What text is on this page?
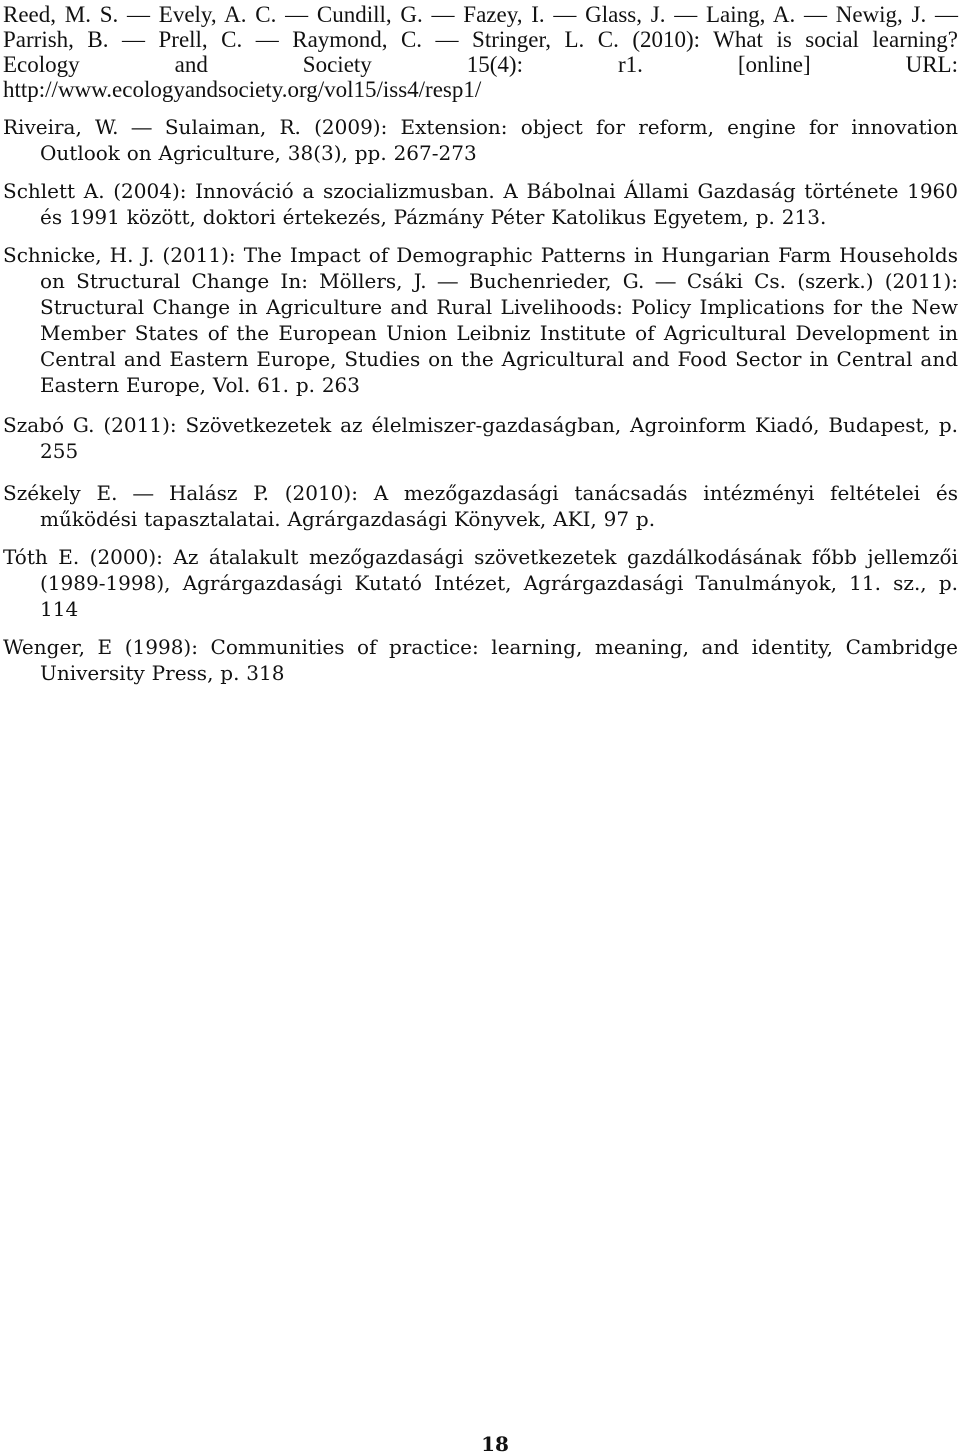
Reed, M. S. ― Evely, A. C. ― Cundill, G. ― Fazey, I. ― Glass, J. ― Laing, A. ― Newig, J. ―
Parrish, B. ― Prell, C. ― Raymond, C. ― Stringer, L. C. (2010): What is social learning?
Ecology and Society 15(4): r1. [online] URL:
http://www.ecologyandsociety.org/vol15/iss4/resp1/

Riveira, W. ― Sulaiman, R. (2009): Extension: object for reform, engine for innovation Outlook on Agriculture, 38(3), pp. 267-273

Schlett A. (2004): Innováció a szocializmusban. A Bábolnai Állami Gazdaság története 1960 és 1991 között, doktori értekezés, Pázmány Péter Katolikus Egyetem, p. 213.

Schnicke, H. J. (2011): The Impact of Demographic Patterns in Hungarian Farm Households on Structural Change In: Möllers, J. ― Buchenrieder, G. ― Csáki Cs. (szerk.) (2011): Structural Change in Agriculture and Rural Livelihoods: Policy Implications for the New Member States of the European Union Leibniz Institute of Agricultural Development in Central and Eastern Europe, Studies on the Agricultural and Food Sector in Central and Eastern Europe, Vol. 61. p. 263

Szabó G. (2011): Szövetkezetek az élelmiszer-gazdaságban, Agroinform Kiadó, Budapest, p. 255

Székely E. ― Halász P. (2010): A mezőgazdasági tanácsadás intézményi feltételei és működési tapasztalatai. Agrárgazdasági Könyvek, AKI, 97 p.

Tóth E. (2000): Az átalakult mezőgazdasági szövetkezetek gazdálkodásának főbb jellemzői (1989-1998), Agrárgazdasági Kutató Intézet, Agrárgazdasági Tanulmányok, 11. sz., p. 114

Wenger, E (1998): Communities of practice: learning, meaning, and identity, Cambridge University Press, p. 318

18
